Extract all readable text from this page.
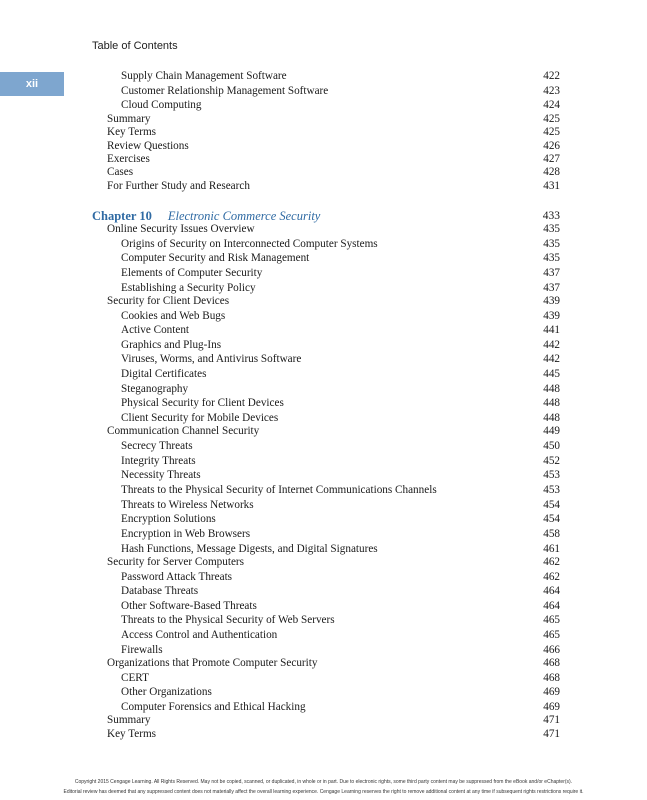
Table of Contents
xii
Supply Chain Management Software	422
Customer Relationship Management Software	423
Cloud Computing	424
Summary	425
Key Terms	425
Review Questions	426
Exercises	427
Cases	428
For Further Study and Research	431
Chapter 10 Electronic Commerce Security	433
Online Security Issues Overview	435
Origins of Security on Interconnected Computer Systems	435
Computer Security and Risk Management	435
Elements of Computer Security	437
Establishing a Security Policy	437
Security for Client Devices	439
Cookies and Web Bugs	439
Active Content	441
Graphics and Plug-Ins	442
Viruses, Worms, and Antivirus Software	442
Digital Certificates	445
Steganography	448
Physical Security for Client Devices	448
Client Security for Mobile Devices	448
Communication Channel Security	449
Secrecy Threats	450
Integrity Threats	452
Necessity Threats	453
Threats to the Physical Security of Internet Communications Channels	453
Threats to Wireless Networks	454
Encryption Solutions	454
Encryption in Web Browsers	458
Hash Functions, Message Digests, and Digital Signatures	461
Security for Server Computers	462
Password Attack Threats	462
Database Threats	464
Other Software-Based Threats	464
Threats to the Physical Security of Web Servers	465
Access Control and Authentication	465
Firewalls	466
Organizations that Promote Computer Security	468
CERT	468
Other Organizations	469
Computer Forensics and Ethical Hacking	469
Summary	471
Key Terms	471
Copyright 2015 Cengage Learning. All Rights Reserved. May not be copied, scanned, or duplicated, in whole or in part. Due to electronic rights, some third party content may be suppressed from the eBook and/or eChapter(s).
Editorial review has deemed that any suppressed content does not materially affect the overall learning experience. Cengage Learning reserves the right to remove additional content at any time if subsequent rights restrictions require it.
